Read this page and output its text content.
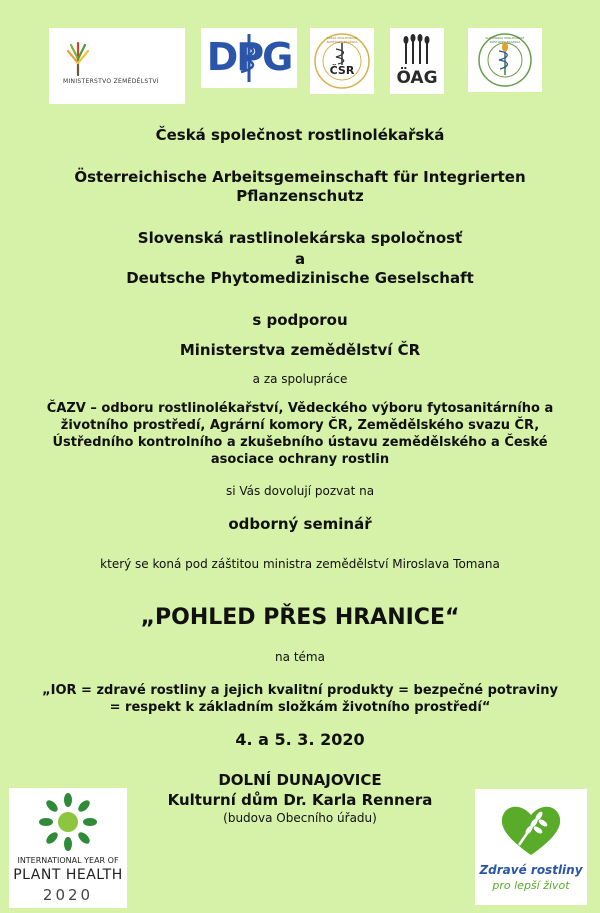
MINISTERSTVO ZEMĚDĚLSTVÍ
DPG	ČESKÁ SPOLEČNOST ROSTLINOLÉKAŘSKÁ
ČSR	ÖAG
SLOVENSKÁ SPOLOČNOSŤ ROSTLINOLEKÁRSKA
Česká společnost rostlinolékařská
Österreichische Arbeitsgemeinschaft für Integrierten
Pflanzenschutz
Slovenská rastlinolekárska spoločnosť
a
Deutsche Phytomedizinische Geselschaft
s podporou
Ministerstva zemědělství ČR
a za spolupráce
ČAZV – odboru rostlinolékařství, Vědeckého výboru fytosanitárního a
životního prostředí, Agrární komory ČR, Zemědělského svazu ČR,
Ústředního kontrolního a zkušebního ústavu zemědělského a České
asociace ochrany rostlin
si Vás dovolují pozvat na
odborný seminář
který se koná pod záštitou ministra zemědělství Miroslava Tomana
„POHLED PŘES HRANICE“
na téma
„IOR = zdravé rostliny a jejich kvalitní produkty = bezpečné potraviny
= respekt k základním složkám životního prostředí“
4. a 5. 3. 2020
DOLNÍ DUNAJOVICE
Kulturní dům Dr. Karla Rennera
(budova Obecního úřadu)
INTERNATIONAL YEAR OF
PLANT HEALTH
2020
Zdravé rostliny
pro lepší život
